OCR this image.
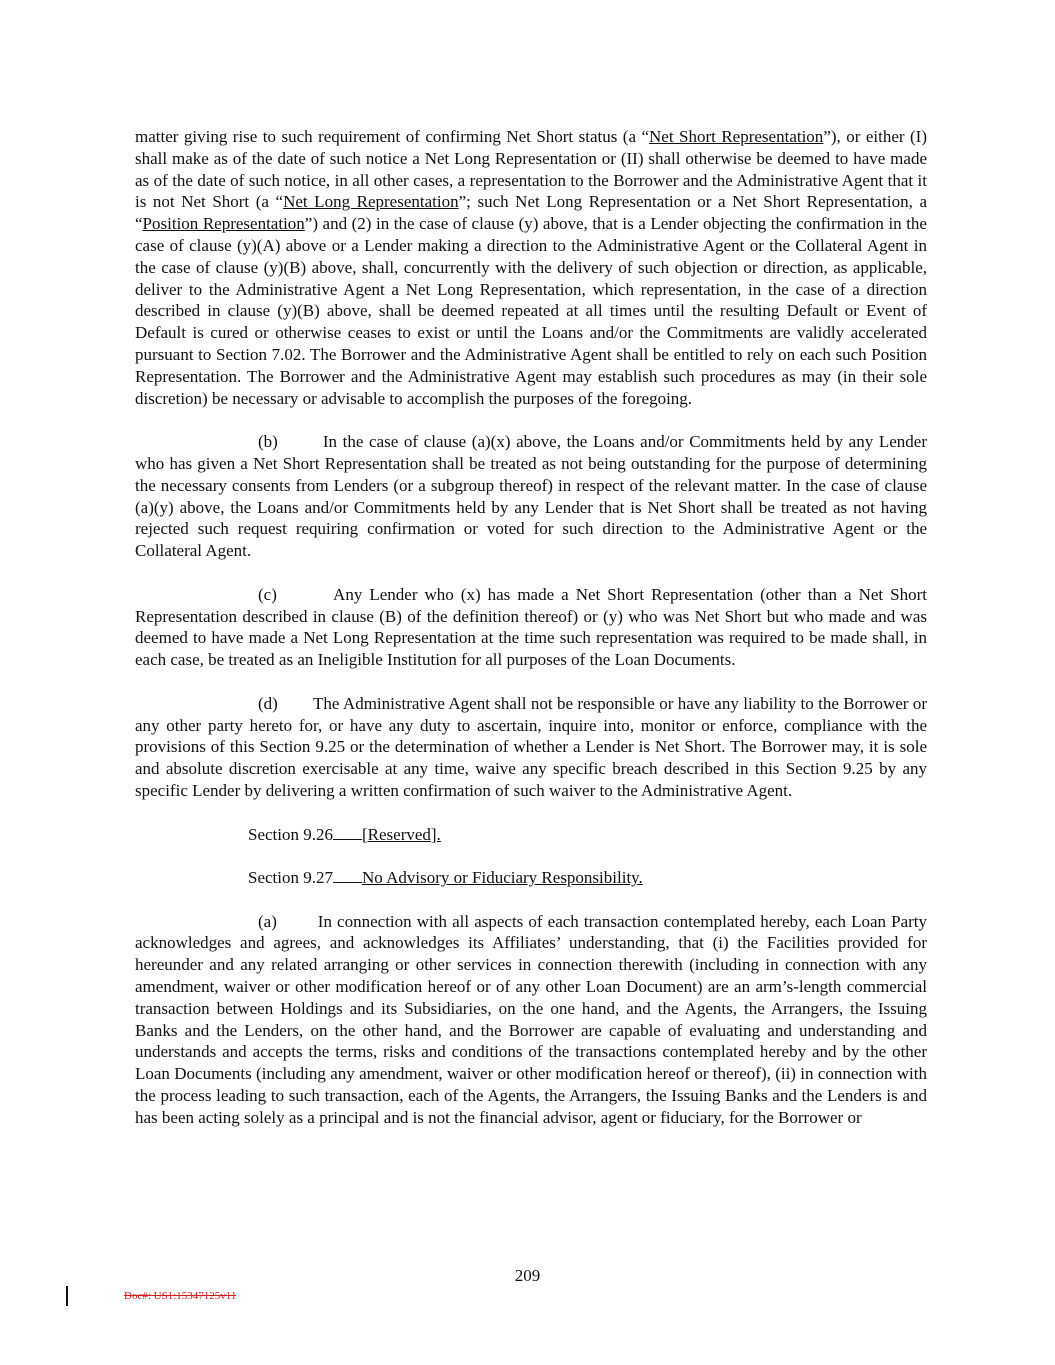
matter giving rise to such requirement of confirming Net Short status (a “Net Short Representation”), or either (I) shall make as of the date of such notice a Net Long Representation or (II) shall otherwise be deemed to have made as of the date of such notice, in all other cases, a representation to the Borrower and the Administrative Agent that it is not Net Short (a “Net Long Representation”; such Net Long Representation or a Net Short Representation, a “Position Representation”) and (2) in the case of clause (y) above, that is a Lender objecting the confirmation in the case of clause (y)(A) above or a Lender making a direction to the Administrative Agent or the Collateral Agent in the case of clause (y)(B) above, shall, concurrently with the delivery of such objection or direction, as applicable, deliver to the Administrative Agent a Net Long Representation, which representation, in the case of a direction described in clause (y)(B) above, shall be deemed repeated at all times until the resulting Default or Event of Default is cured or otherwise ceases to exist or until the Loans and/or the Commitments are validly accelerated pursuant to Section 7.02. The Borrower and the Administrative Agent shall be entitled to rely on each such Position Representation. The Borrower and the Administrative Agent may establish such procedures as may (in their sole discretion) be necessary or advisable to accomplish the purposes of the foregoing.

(b)	In the case of clause (a)(x) above, the Loans and/or Commitments held by any Lender who has given a Net Short Representation shall be treated as not being outstanding for the purpose of determining the necessary consents from Lenders (or a subgroup thereof) in respect of the relevant matter. In the case of clause (a)(y) above, the Loans and/or Commitments held by any Lender that is Net Short shall be treated as not having rejected such request requiring confirmation or voted for such direction to the Administrative Agent or the Collateral Agent.

(c)	Any Lender who (x) has made a Net Short Representation (other than a Net Short Representation described in clause (B) of the definition thereof) or (y) who was Net Short but who made and was deemed to have made a Net Long Representation at the time such representation was required to be made shall, in each case, be treated as an Ineligible Institution for all purposes of the Loan Documents.

(d) The Administrative Agent shall not be responsible or have any liability to the Borrower or any other party hereto for, or have any duty to ascertain, inquire into, monitor or enforce, compliance with the provisions of this Section 9.25 or the determination of whether a Lender is Net Short. The Borrower may, it is sole and absolute discretion exercisable at any time, waive any specific breach described in this Section 9.25 by any specific Lender by delivering a written confirmation of such waiver to the Administrative Agent.

Section 9.26 [Reserved].

Section 9.27 No Advisory or Fiduciary Responsibility.

(a) In connection with all aspects of each transaction contemplated hereby, each Loan Party acknowledges and agrees, and acknowledges its Affiliates’ understanding, that (i) the Facilities provided for hereunder and any related arranging or other services in connection therewith (including in connection with any amendment, waiver or other modification hereof or of any other Loan Document) are an arm’s-length commercial transaction between Holdings and its Subsidiaries, on the one hand, and the Agents, the Arrangers, the Issuing Banks and the Lenders, on the other hand, and the Borrower are capable of evaluating and understanding and understands and accepts the terms, risks and conditions of the transactions contemplated hereby and by the other Loan Documents (including any amendment, waiver or other modification hereof or thereof), (ii) in connection with the process leading to such transaction, each of the Agents, the Arrangers, the Issuing Banks and the Lenders is and has been acting solely as a principal and is not the financial advisor, agent or fiduciary, for the Borrower or

209
Doc#: US1:15347125v11
